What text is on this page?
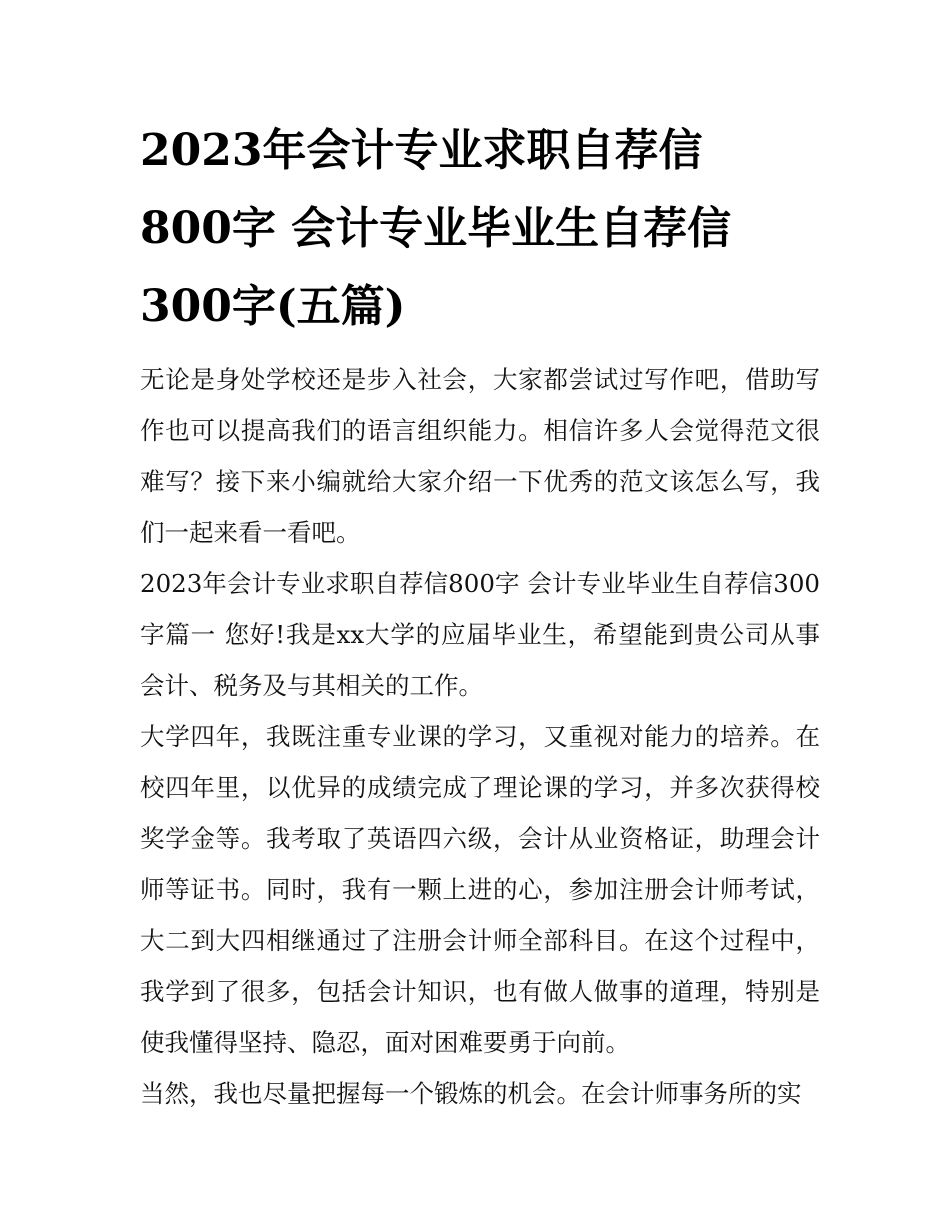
2023年会计专业求职自荐信
800字 会计专业毕业生自荐信
300字(五篇)

无论是身处学校还是步入社会，大家都尝试过写作吧，借助写作也可以提高我们的语言组织能力。相信许多人会觉得范文很难写？接下来小编就给大家介绍一下优秀的范文该怎么写，我们一起来看一看吧。

2023年会计专业求职自荐信800字 会计专业毕业生自荐信300字篇一 您好!我是xx大学的应届毕业生，希望能到贵公司从事会计、税务及与其相关的工作。

大学四年，我既注重专业课的学习，又重视对能力的培养。在校四年里，以优异的成绩完成了理论课的学习，并多次获得校奖学金等。我考取了英语四六级，会计从业资格证，助理会计师等证书。同时，我有一颗上进的心，参加注册会计师考试，大二到大四相继通过了注册会计师全部科目。在这个过程中，我学到了很多，包括会计知识，也有做人做事的道理，特别是使我懂得坚持、隐忍，面对困难要勇于向前。

当然，我也尽量把握每一个锻炼的机会。在会计师事务所的实
